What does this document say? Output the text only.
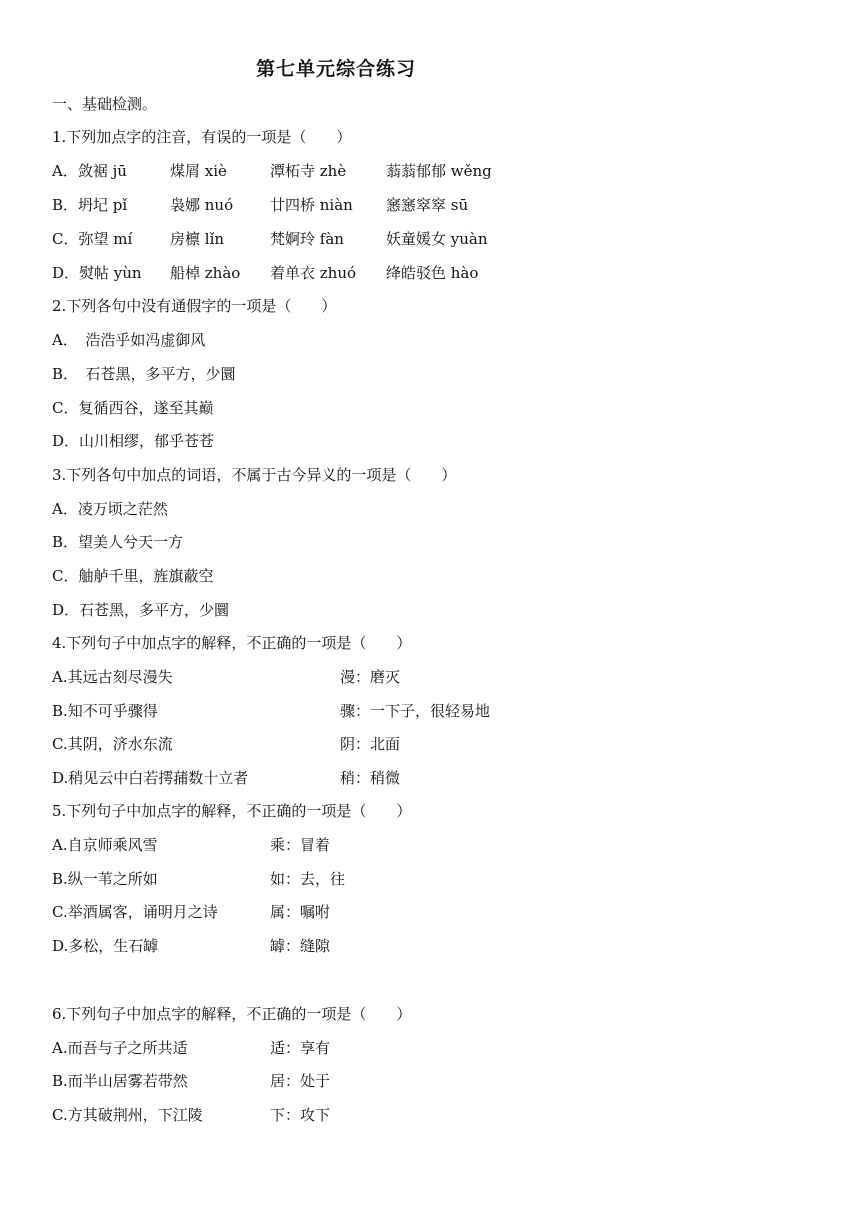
第七单元综合练习
一、基础检测。
1.下列加点字的注音，有误的一项是（　　）
A．敛裾 jū	煤屑 xiè	潭柘寺 zhè	蓊蓊郁郁 wěng
B．坍圮 pǐ	袅娜 nuó 廿四桥 niàn 窸窸窣窣 sū
C．弥望 mí	房檩 lǐn	梵婀玲 fàn	妖童媛女 yuàn
D．熨帖 yùn 船棹 zhào 着单衣 zhuó 绛皓驳色 hào
2.下列各句中没有通假字的一项是（　　）
A．　浩浩乎如冯虚御风
B．　石苍黑，多平方，少圜
C．复循西谷，遂至其巅
D．山川相缪，郁乎苍苍
3.下列各句中加点的词语，不属于古今异义的一项是（　　）
A．凌万顷之茫然
B．望美人兮天一方
C．舳舻千里，旌旗蔽空
D．石苍黑，多平方，少圜
4.下列句子中加点字的解释，不正确的一项是（　　）
A.其远古刻尽漫失	漫：磨灭
B.知不可乎骤得	骤：一下子，很轻易地
C.其阴，济水东流	阴：北面
D.稍见云中白若摴蒱数十立者	稍：稍微
5.下列句子中加点字的解释，不正确的一项是（　　）
A.自京师乘风雪	乘：冒着
B.纵一苇之所如	如：去，往
C.举酒属客，诵明月之诗	属：嘱咐
D.多松，生石罅	罅：缝隙
6.下列句子中加点字的解释，不正确的一项是（　　）
A.而吾与子之所共适	适：享有
B.而半山居雾若带然	居：处于
C.方其破荆州，下江陵	下：攻下
